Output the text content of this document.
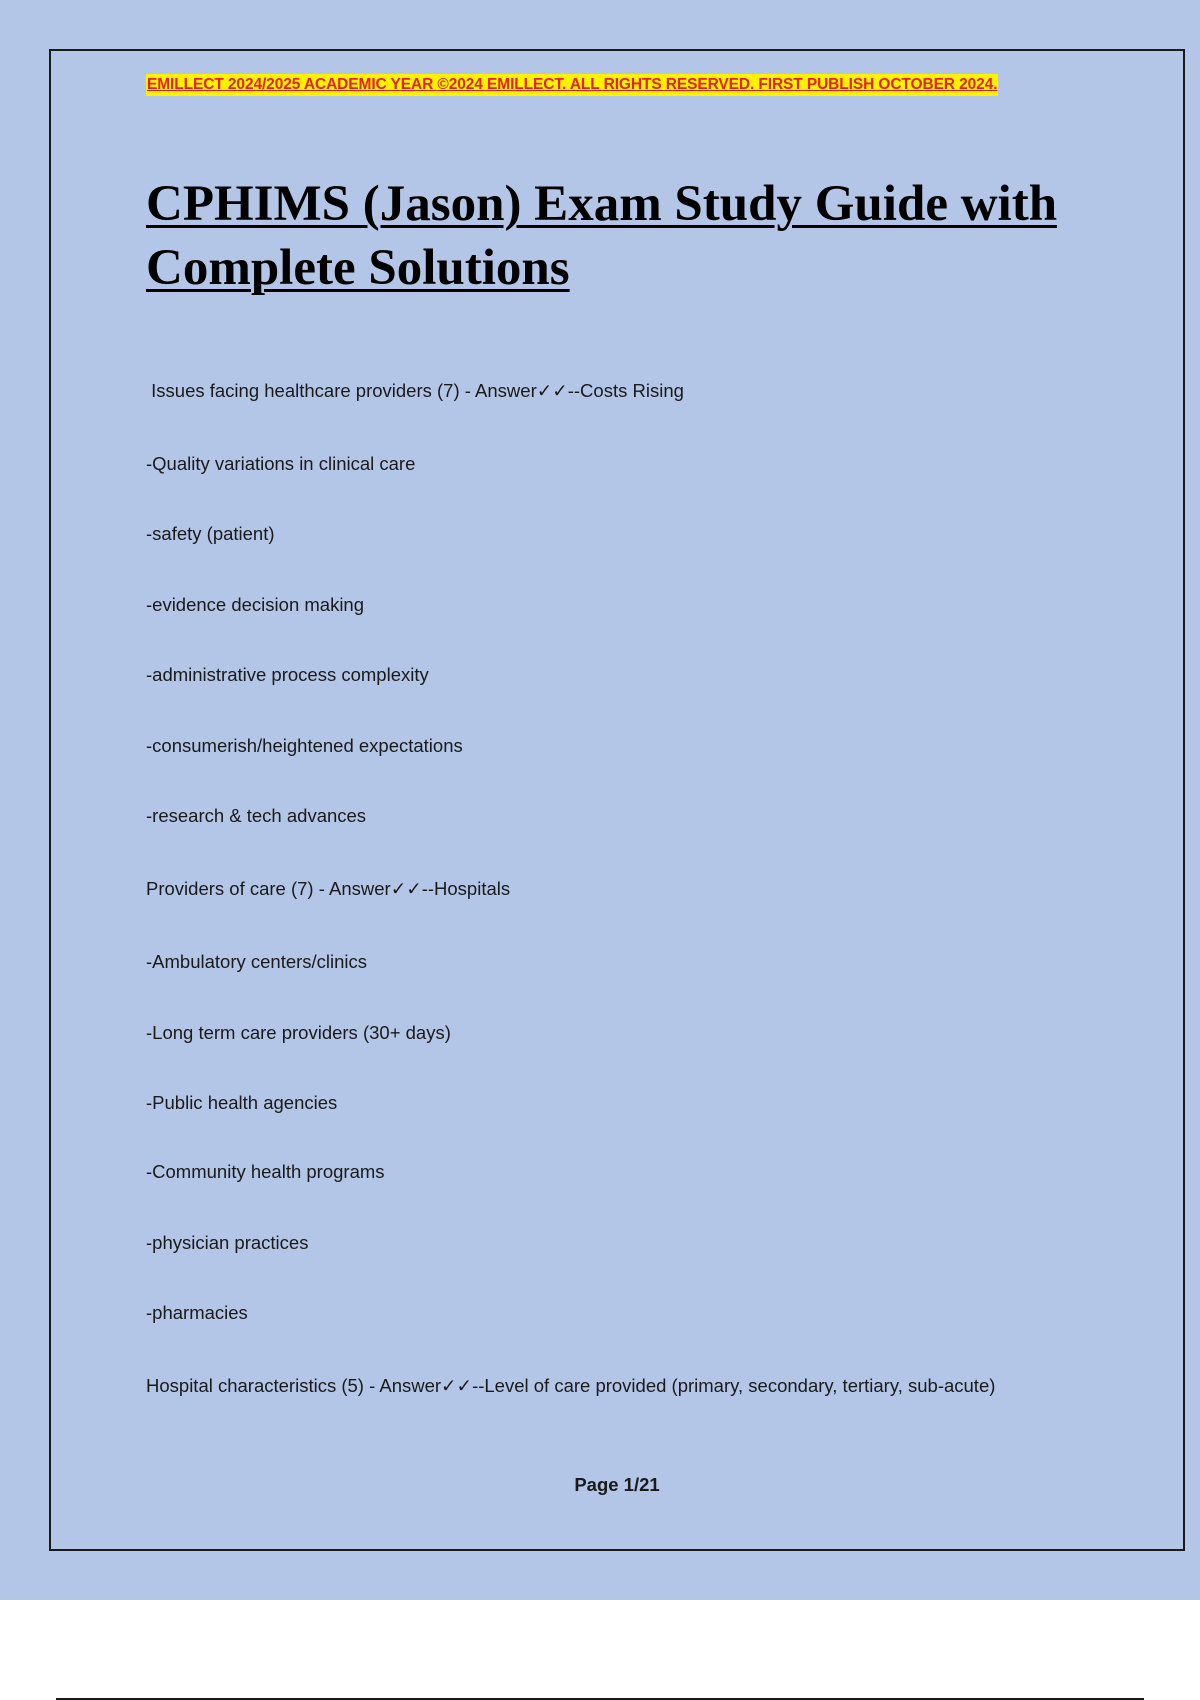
EMILLECT 2024/2025 ACADEMIC YEAR ©2024 EMILLECT. ALL RIGHTS RESERVED. FIRST PUBLISH OCTOBER 2024.
CPHIMS (Jason) Exam Study Guide with Complete Solutions
Issues facing healthcare providers (7) - Answer✓✓--Costs Rising
-Quality variations in clinical care
-safety (patient)
-evidence decision making
-administrative process complexity
-consumerish/heightened expectations
-research & tech advances
Providers of care (7) - Answer✓✓--Hospitals
-Ambulatory centers/clinics
-Long term care providers (30+ days)
-Public health agencies
-Community health programs
-physician practices
-pharmacies
Hospital characteristics (5) - Answer✓✓--Level of care provided (primary, secondary, tertiary, sub-acute)
Page 1/21
